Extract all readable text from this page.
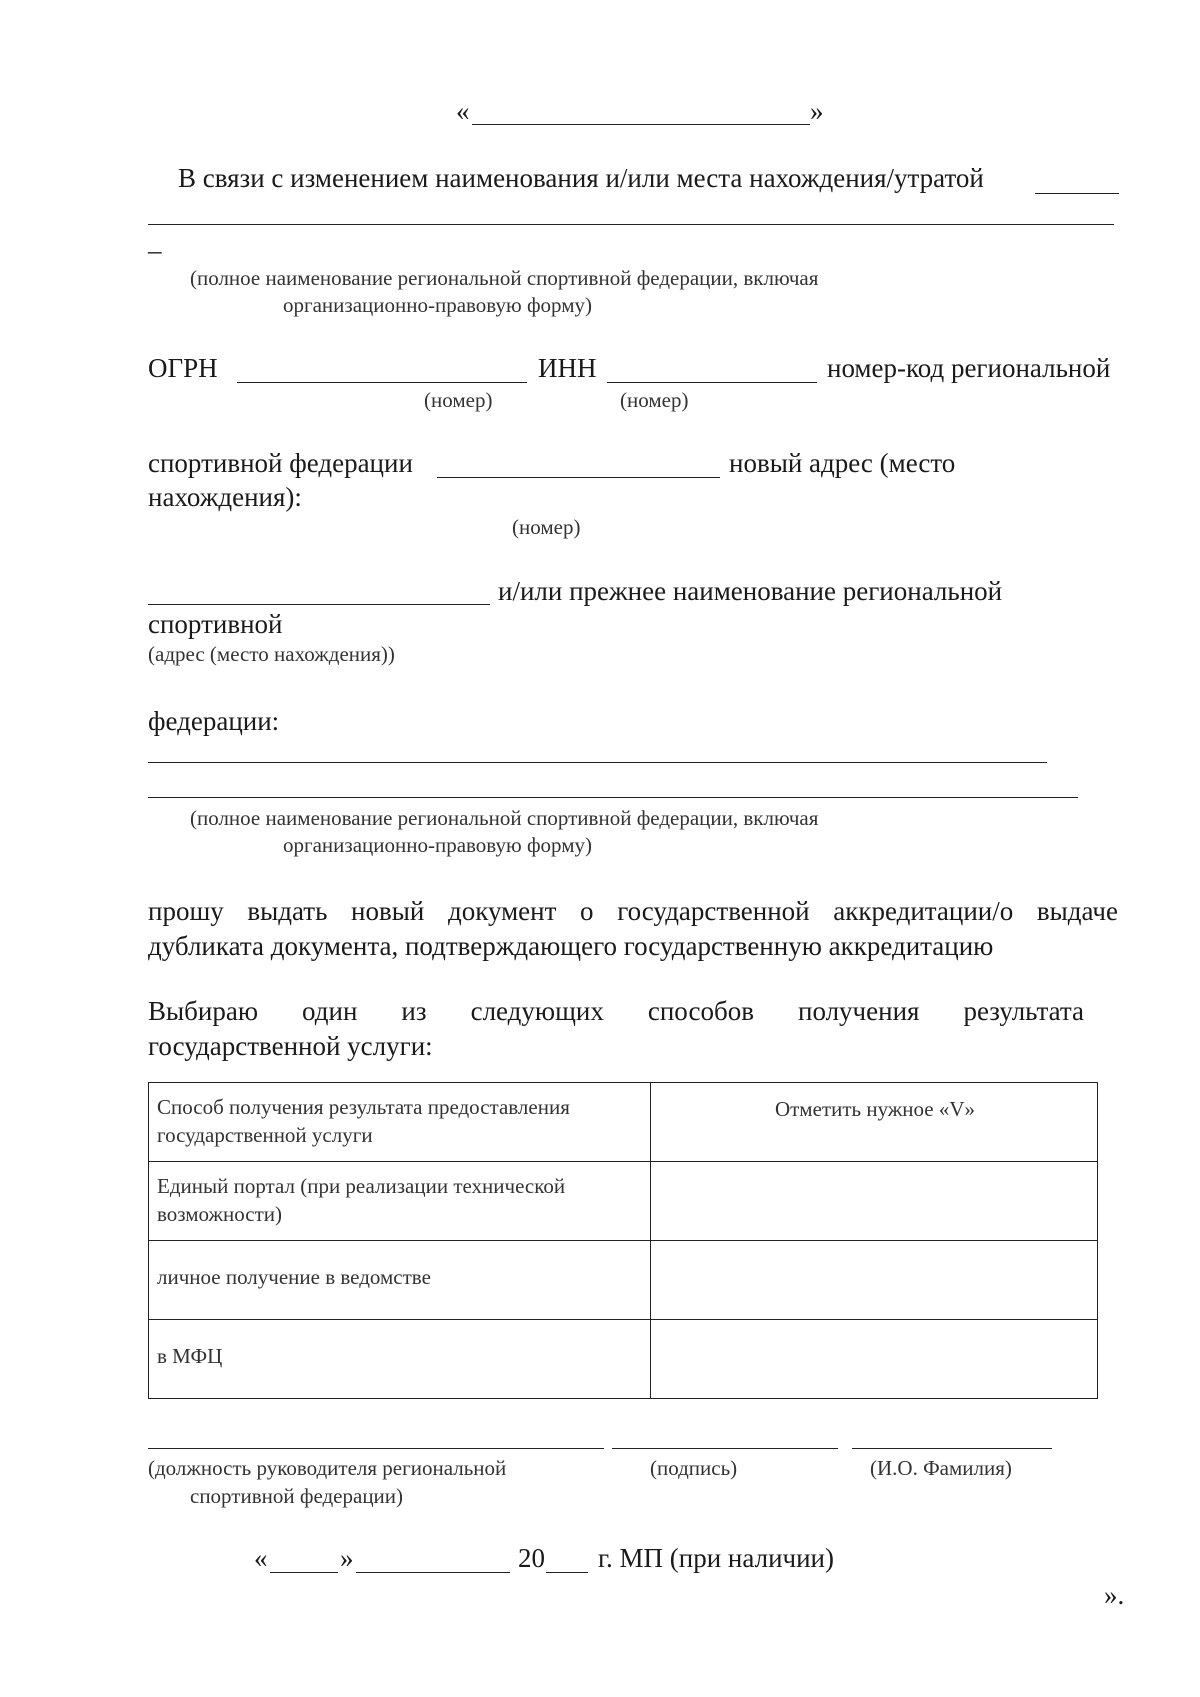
«	»
В связи с изменением наименования и/или места нахождения/утратой
–
(полное наименование региональной спортивной федерации, включая
организационно-правовую форму)
ОГРН	ИНН	номер-код региональной
(номер)	(номер)
спортивной федерации	новый адрес (место
нахождения):
(номер)
и/или прежнее наименование региональной
спортивной
(адрес (место нахождения))
федерации:
(полное наименование региональной спортивной федерации, включая
организационно-правовую форму)
прошу выдать новый документ о государственной аккредитации/о выдаче
дубликата документа, подтверждающего государственную аккредитацию
Выбираю один из следующих способов получения результата
государственной услуги:
Способ получения результата предоставления государственной услуги	Отметить нужное «V»
Единый портал (при реализации технической возможности)	
личное получение в ведомстве	
в МФЦ	
(должность руководителя региональной
спортивной федерации)
(подпись)	(И.О. Фамилия)
«	»	20 г. МП (при наличии)
».
